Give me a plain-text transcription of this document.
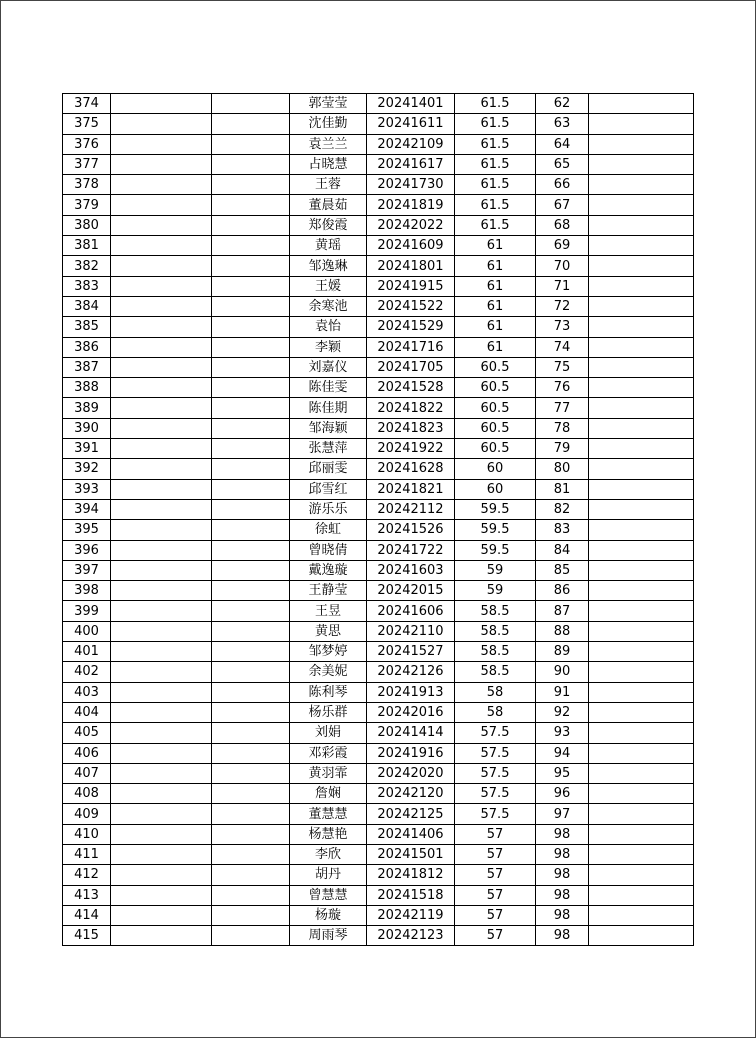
374			郭莹莹	20241401	61.5	62	
375			沈佳勤	20241611	61.5	63	
376			袁兰兰	20242109	61.5	64	
377			占晓慧	20241617	61.5	65	
378			王蓉	20241730	61.5	66	
379			董晨茹	20241819	61.5	67	
380			郑俊霞	20242022	61.5	68	
381			黄瑶	20241609	61	69	
382			邹逸琳	20241801	61	70	
383			王媛	20241915	61	71	
384			余寒池	20241522	61	72	
385			袁怡	20241529	61	73	
386			李颖	20241716	61	74	
387			刘嘉仪	20241705	60.5	75	
388			陈佳雯	20241528	60.5	76	
389			陈佳期	20241822	60.5	77	
390			邹海颖	20241823	60.5	78	
391			张慧萍	20241922	60.5	79	
392			邱丽雯	20241628	60	80	
393			邱雪红	20241821	60	81	
394			游乐乐	20242112	59.5	82	
395			徐虹	20241526	59.5	83	
396			曾晓倩	20241722	59.5	84	
397			戴逸璇	20241603	59	85	
398			王静莹	20242015	59	86	
399			王昱	20241606	58.5	87	
400			黄思	20242110	58.5	88	
401			邹梦婷	20241527	58.5	89	
402			余美妮	20242126	58.5	90	
403			陈利琴	20241913	58	91	
404			杨乐群	20242016	58	92	
405			刘娟	20241414	57.5	93	
406			邓彩霞	20241916	57.5	94	
407			黄羽霏	20242020	57.5	95	
408			詹娴	20242120	57.5	96	
409			董慧慧	20242125	57.5	97	
410			杨慧艳	20241406	57	98	
411			李欣	20241501	57	98	
412			胡丹	20241812	57	98	
413			曾慧慧	20241518	57	98	
414			杨璇	20242119	57	98	
415			周雨琴	20242123	57	98	
